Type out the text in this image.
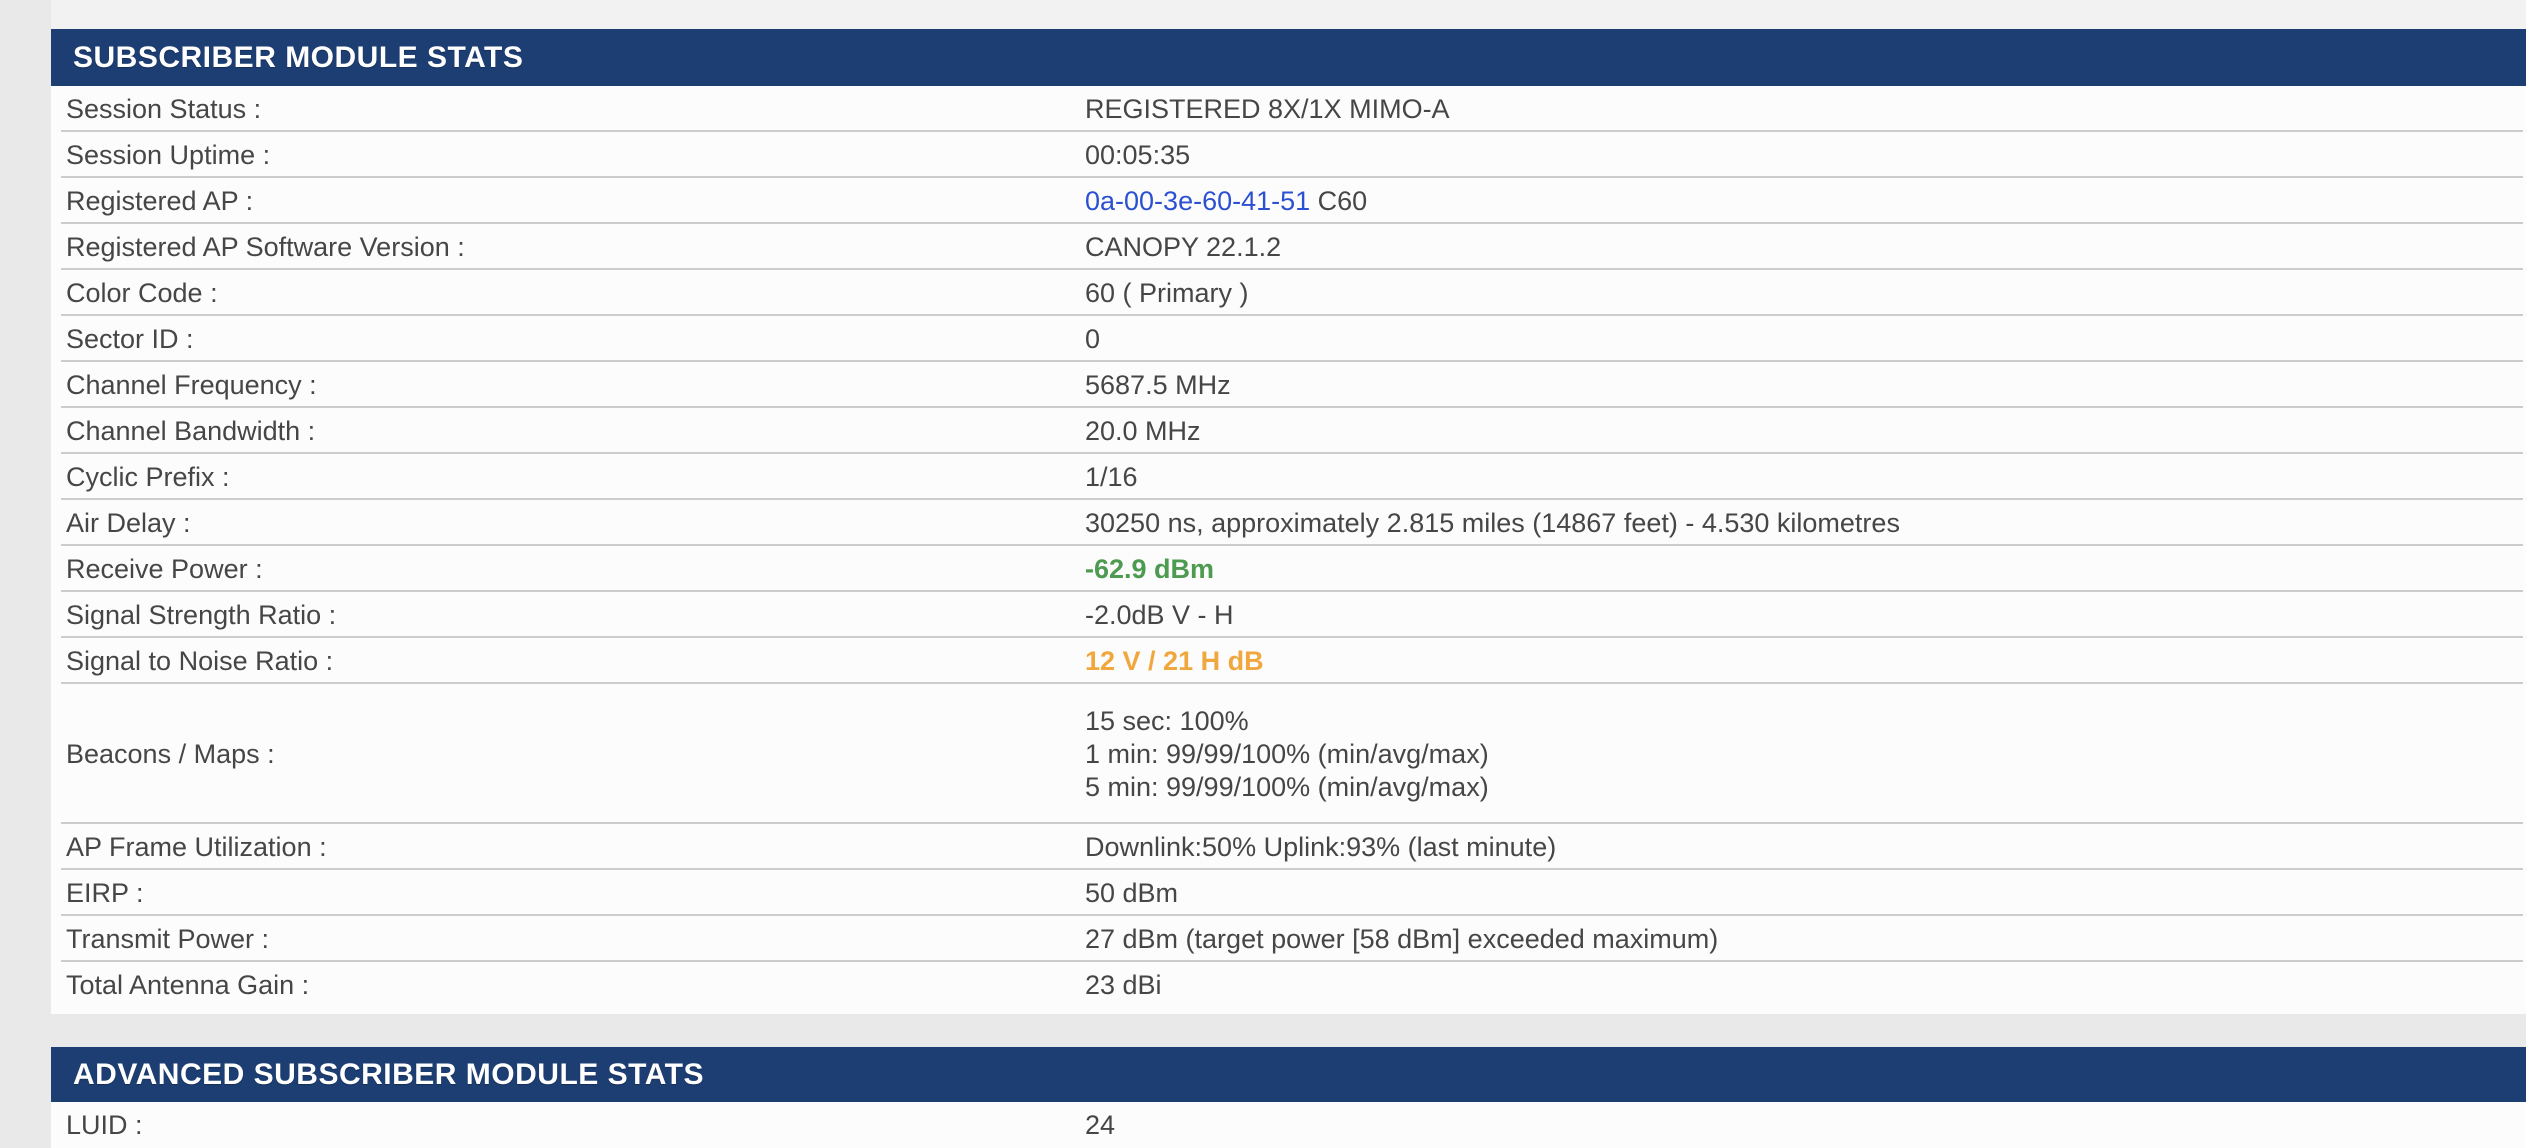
SUBSCRIBER MODULE STATS
Session Status :	REGISTERED 8X/1X MIMO-A
Session Uptime :	00:05:35
Registered AP :	0a-00-3e-60-41-51 C60
Registered AP Software Version :	CANOPY 22.1.2
Color Code :	60 ( Primary )
Sector ID :	0
Channel Frequency :	5687.5 MHz
Channel Bandwidth :	20.0 MHz
Cyclic Prefix :	1/16
Air Delay :	30250 ns, approximately 2.815 miles (14867 feet) - 4.530 kilometres
Receive Power :	-62.9 dBm
Signal Strength Ratio :	-2.0dB V - H
Signal to Noise Ratio :	12 V / 21 H dB
Beacons / Maps :
15 sec: 100%
1 min: 99/99/100% (min/avg/max)
5 min: 99/99/100% (min/avg/max)
AP Frame Utilization :	Downlink:50% Uplink:93% (last minute)
EIRP :	50 dBm
Transmit Power :	27 dBm (target power [58 dBm] exceeded maximum)
Total Antenna Gain :	23 dBi
ADVANCED SUBSCRIBER MODULE STATS
LUID :	24
